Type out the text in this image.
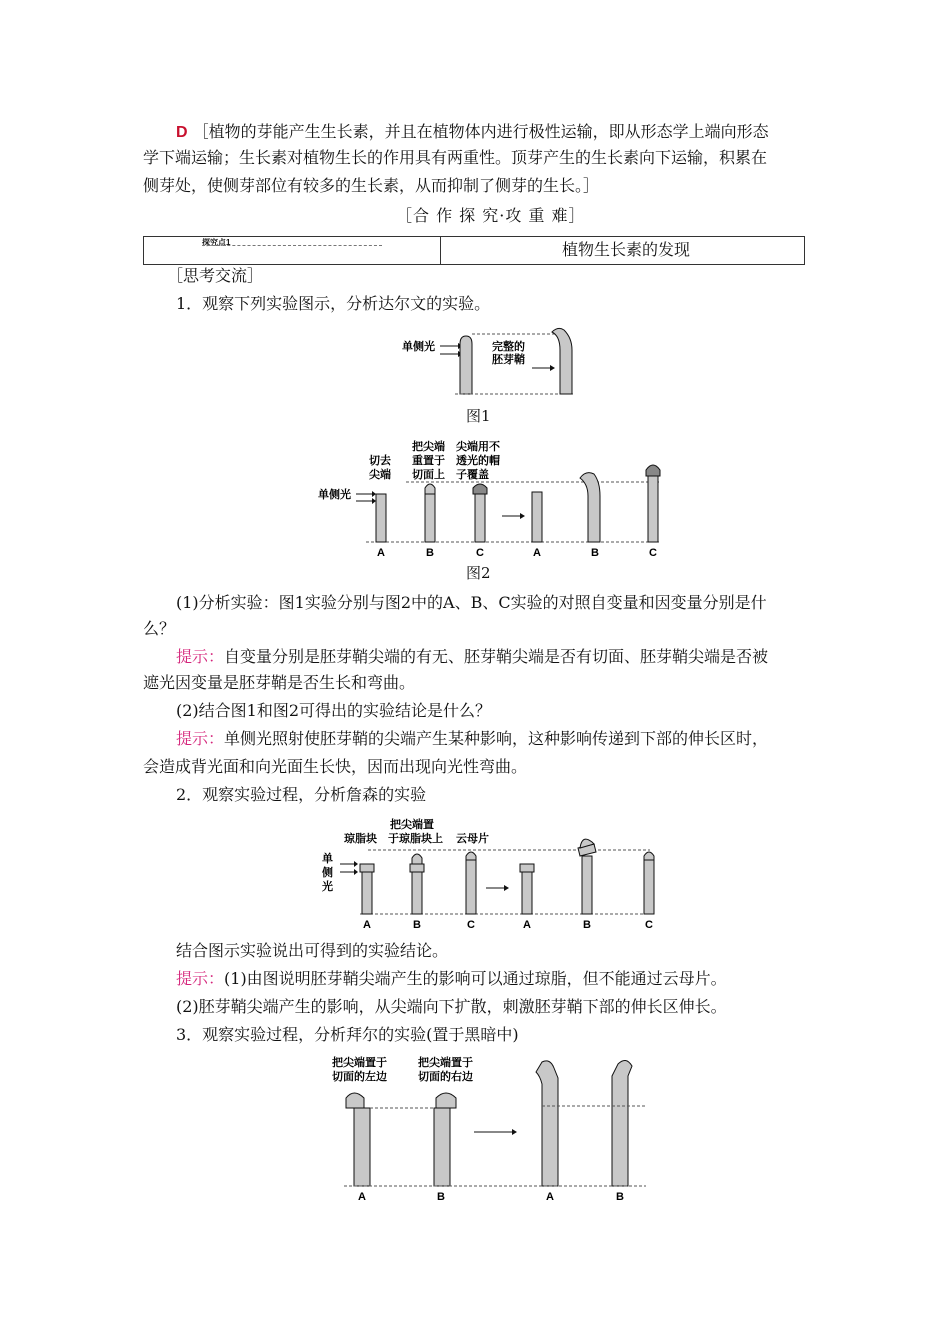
D ［植物的芽能产生生长素，并且在植物体内进行极性运输，即从形态学上端向形态
学下端运输；生长素对植物生长的作用具有两重性。顶芽产生的生长素向下运输，积累在
侧芽处，使侧芽部位有较多的生长素，从而抑制了侧芽的生长。］
［合 作 探 究·攻 重 难］
探究点1	植物生长素的发现
［思考交流］
1．观察下列实验图示，分析达尔文的实验。
单侧光	完整的
胚芽鞘
图1
切去
尖端
把尖端
重置于
切面上
尖端用不
透光的帽
子覆盖
单侧光
A	B	C	A	B	C
图2
(1)分析实验：图1实验分别与图2中的A、B、C实验的对照自变量和因变量分别是什
么？
提示：自变量分别是胚芽鞘尖端的有无、胚芽鞘尖端是否有切面、胚芽鞘尖端是否被
遮光因变量是胚芽鞘是否生长和弯曲。
(2)结合图1和图2可得出的实验结论是什么？
提示：单侧光照射使胚芽鞘的尖端产生某种影响，这种影响传递到下部的伸长区时，
会造成背光面和向光面生长快，因而出现向光性弯曲。
2．观察实验过程，分析詹森的实验
琼脂块
把尖端置
于琼脂块上 云母片
单
侧
光
A	B	C	A	B	C
结合图示实验说出可得到的实验结论。
提示：(1)由图说明胚芽鞘尖端产生的影响可以通过琼脂，但不能通过云母片。
(2)胚芽鞘尖端产生的影响，从尖端向下扩散，刺激胚芽鞘下部的伸长区伸长。
3．观察实验过程，分析拜尔的实验(置于黑暗中)
把尖端置于
切面的左边
把尖端置于
切面的右边
A	B	A	B
